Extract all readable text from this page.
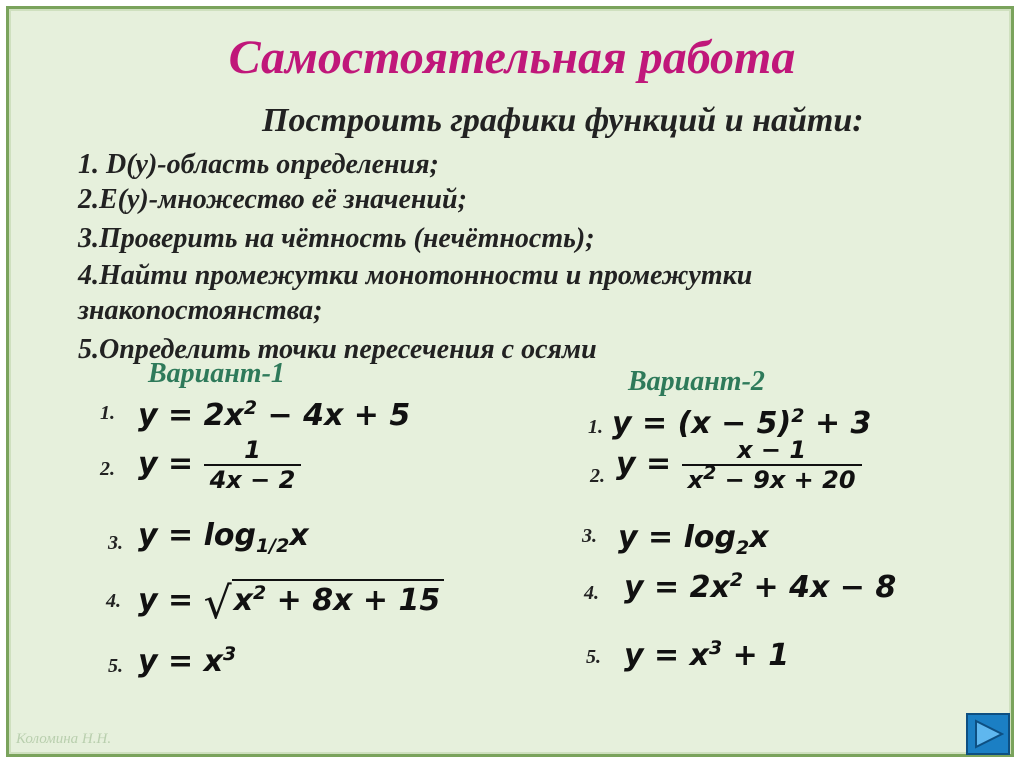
Самостоятельная работа
Построить графики функций и найти:
1. D(y)-область определения;
2.E(y)-множество её значений;
3.Проверить на чётность (нечётность);
4.Найти промежутки монотонности и промежутки
знакопостоянства;
5.Определить точки пересечения с осями
Вариант-1	Вариант-2
1. $y = 2x^2 - 4x + 5$
2. $y = \frac{1}{4x - 2}$
3. $y = \log_{1/2}x$
4. $y = √x^2 + 8x + 15$
5. $y = x^3$
1. $y = (x - 5)^2 + 3$
2. $y = \frac{x - 1}{x^2 - 9x + 20}$
3. $y = \log_2x$
4. $y = 2x^2 + 4x - 8$
5. $y = x^3 + 1$
Коломина Н.Н.
